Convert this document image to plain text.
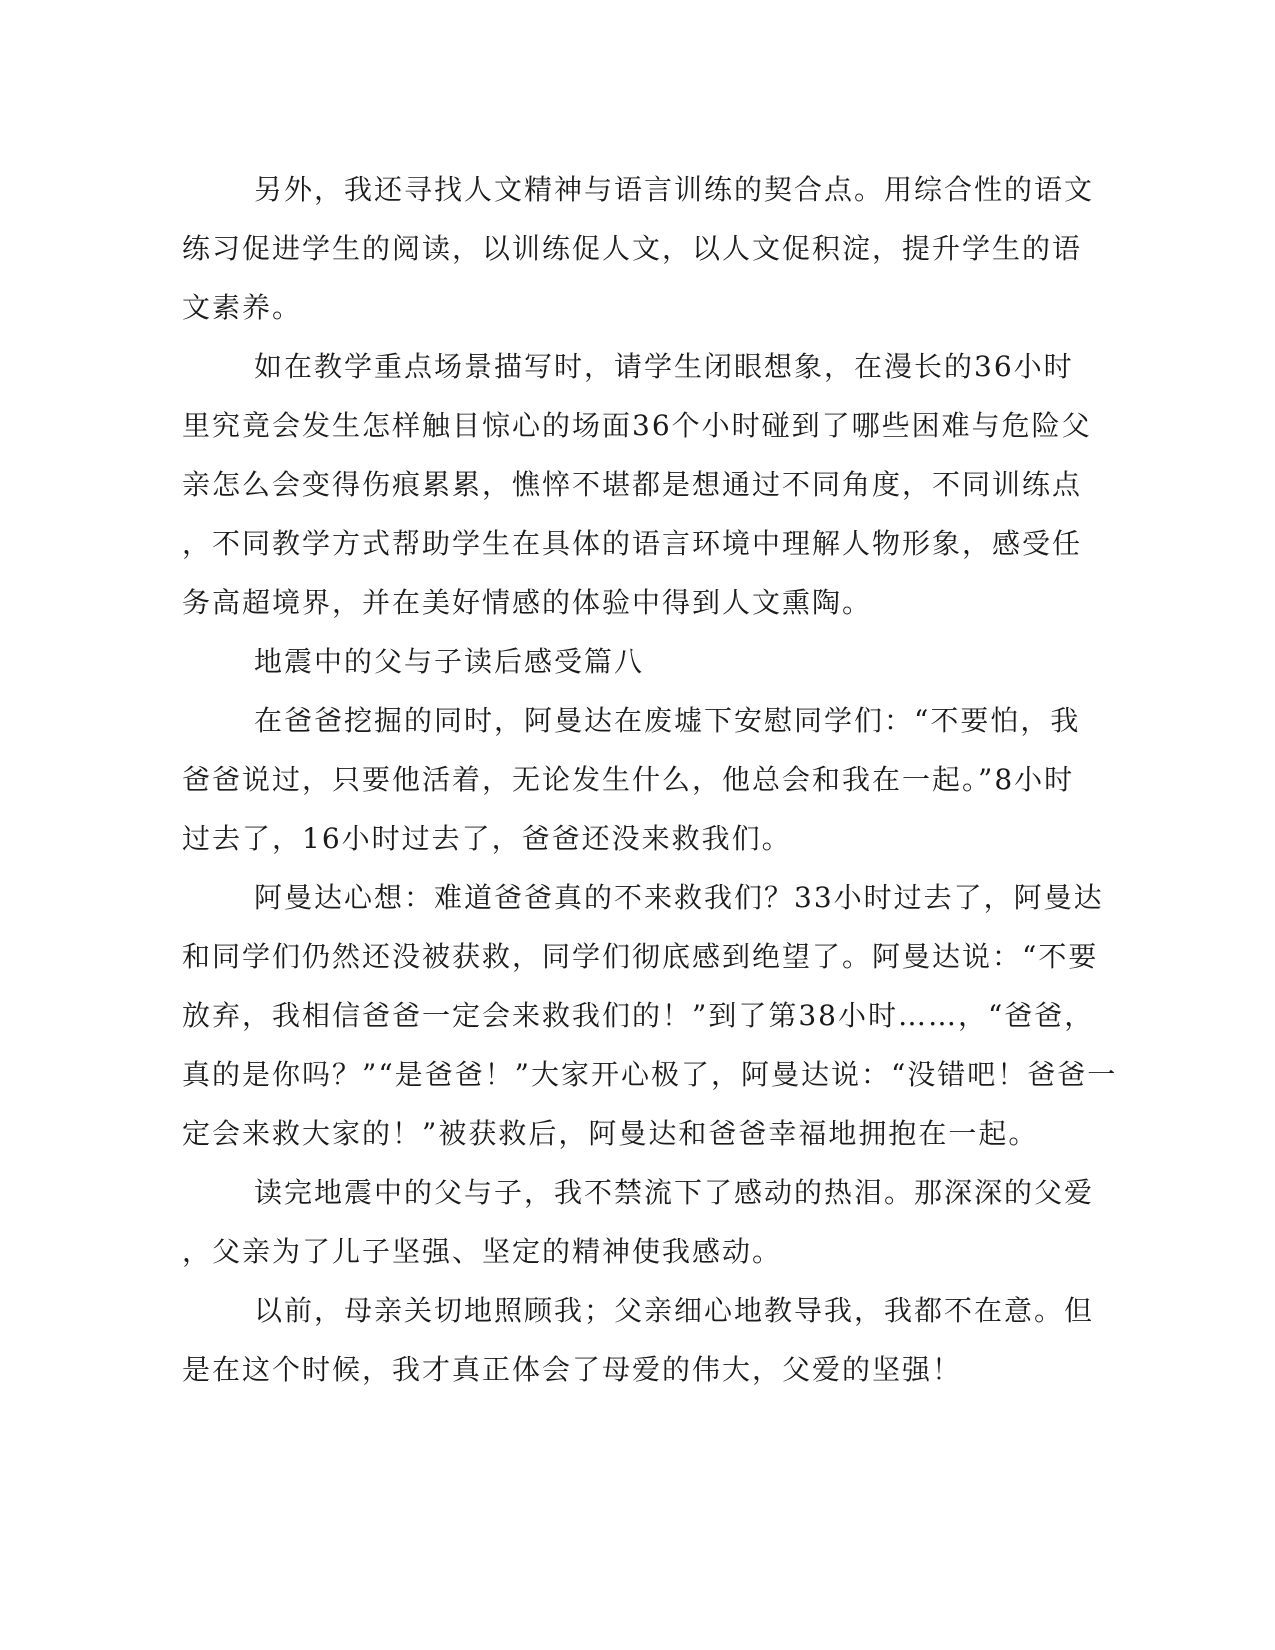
另外，我还寻找人文精神与语言训练的契合点。用综合性的语文
练习促进学生的阅读，以训练促人文，以人文促积淀，提升学生的语
文素养。
如在教学重点场景描写时，请学生闭眼想象，在漫长的36小时
里究竟会发生怎样触目惊心的场面36个小时碰到了哪些困难与危险父
亲怎么会变得伤痕累累，憔悴不堪都是想通过不同角度，不同训练点
，不同教学方式帮助学生在具体的语言环境中理解人物形象，感受任
务高超境界，并在美好情感的体验中得到人文熏陶。
地震中的父与子读后感受篇八
在爸爸挖掘的同时，阿曼达在废墟下安慰同学们：“不要怕，我
爸爸说过，只要他活着，无论发生什么，他总会和我在一起。”8小时
过去了，16小时过去了，爸爸还没来救我们。
阿曼达心想：难道爸爸真的不来救我们？33小时过去了，阿曼达
和同学们仍然还没被获救，同学们彻底感到绝望了。阿曼达说：“不要
放弃，我相信爸爸一定会来救我们的！”到了第38小时……，“爸爸，
真的是你吗？”“是爸爸！”大家开心极了，阿曼达说：“没错吧！爸爸一
定会来救大家的！”被获救后，阿曼达和爸爸幸福地拥抱在一起。
读完地震中的父与子，我不禁流下了感动的热泪。那深深的父爱
，父亲为了儿子坚强、坚定的精神使我感动。
以前，母亲关切地照顾我；父亲细心地教导我，我都不在意。但
是在这个时候，我才真正体会了母爱的伟大，父爱的坚强！
